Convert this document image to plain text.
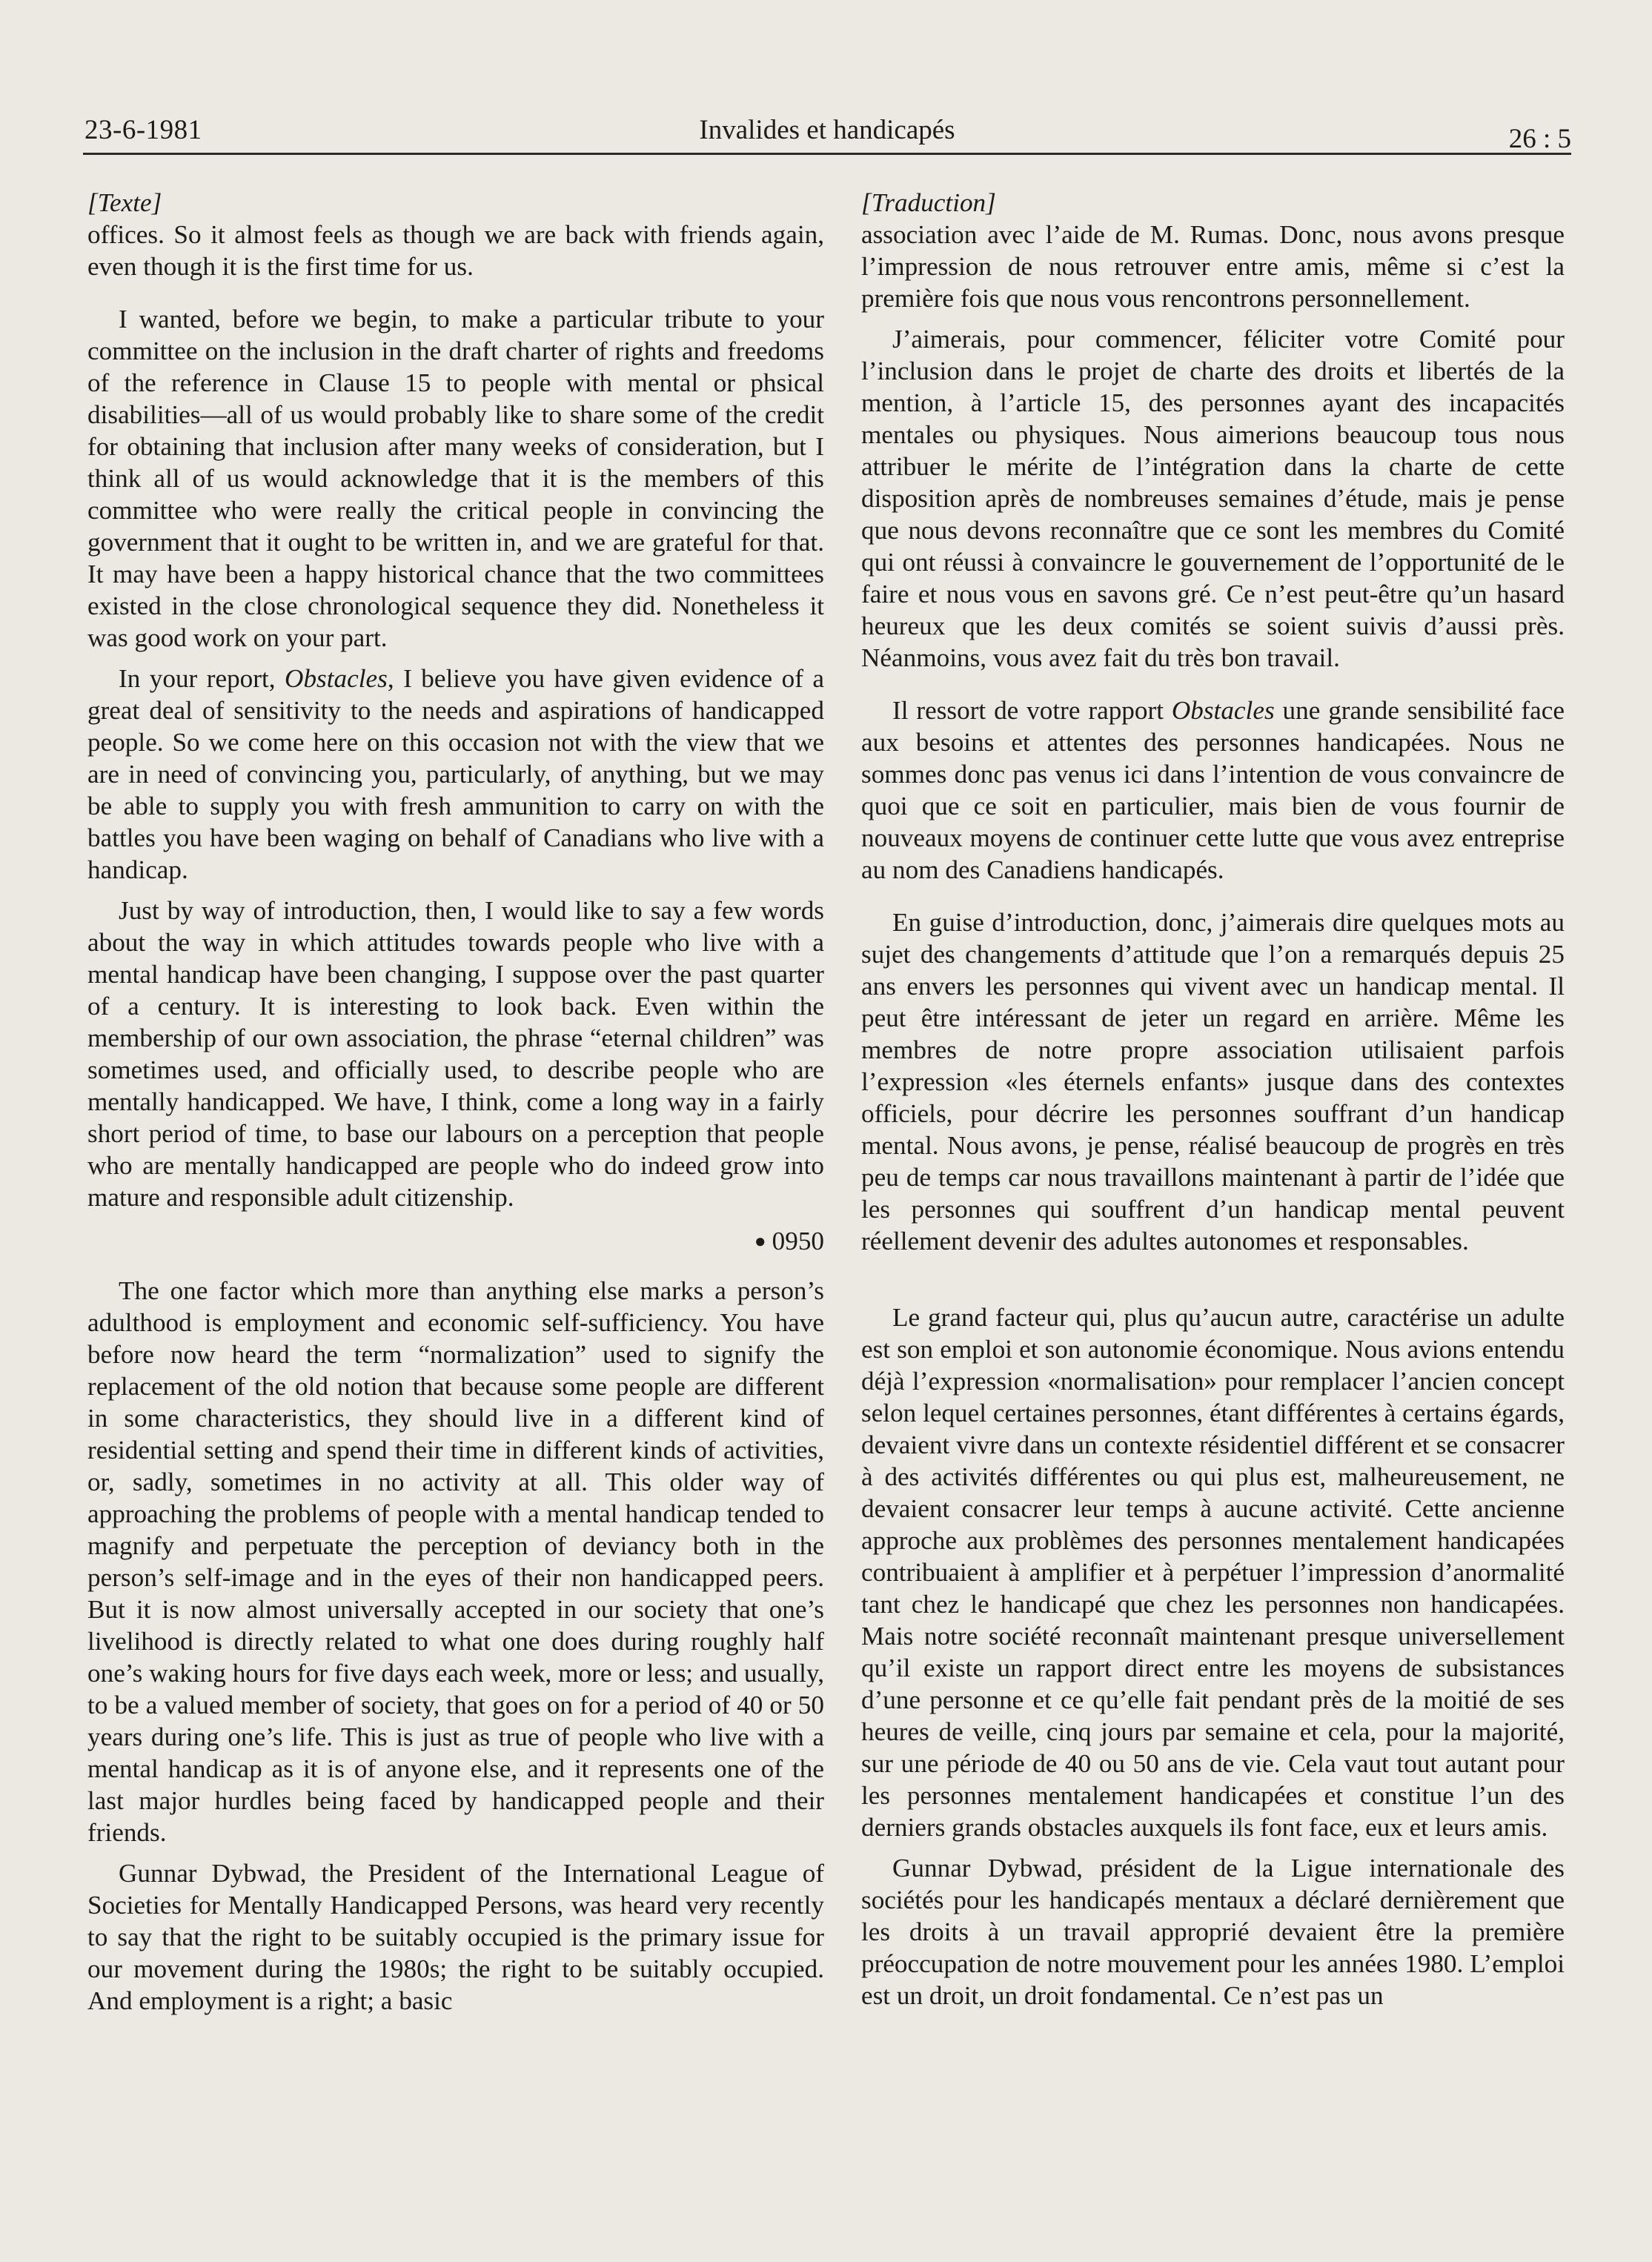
23-6-1981	Invalides et handicapés	26 : 5

[Texte]

offices. So it almost feels as though we are back with friends again, even though it is the first time for us.

I wanted, before we begin, to make a particular tribute to your committee on the inclusion in the draft charter of rights and freedoms of the reference in Clause 15 to people with mental or phsical disabilities—all of us would probably like to share some of the credit for obtaining that inclusion after many weeks of consideration, but I think all of us would acknowledge that it is the members of this committee who were really the critical people in convincing the government that it ought to be written in, and we are grateful for that. It may have been a happy historical chance that the two committees existed in the close chronological sequence they did. Nonetheless it was good work on your part.

In your report, Obstacles, I believe you have given evidence of a great deal of sensitivity to the needs and aspirations of handicapped people. So we come here on this occasion not with the view that we are in need of convincing you, particularly, of anything, but we may be able to supply you with fresh ammunition to carry on with the battles you have been waging on behalf of Canadians who live with a handicap.

Just by way of introduction, then, I would like to say a few words about the way in which attitudes towards people who live with a mental handicap have been changing, I suppose over the past quarter of a century. It is interesting to look back. Even within the membership of our own association, the phrase “eternal children” was sometimes used, and officially used, to describe people who are mentally handicapped. We have, I think, come a long way in a fairly short period of time, to base our labours on a perception that people who are mentally handicapped are people who do indeed grow into mature and responsible adult citizenship.

● 0950

The one factor which more than anything else marks a person’s adulthood is employment and economic self-sufficiency. You have before now heard the term “normalization” used to signify the replacement of the old notion that because some people are different in some characteristics, they should live in a different kind of residential setting and spend their time in different kinds of activities, or, sadly, sometimes in no activity at all. This older way of approaching the problems of people with a mental handicap tended to magnify and perpetuate the perception of deviancy both in the person’s self-image and in the eyes of their non handicapped peers. But it is now almost universally accepted in our society that one’s livelihood is directly related to what one does during roughly half one’s waking hours for five days each week, more or less; and usually, to be a valued member of society, that goes on for a period of 40 or 50 years during one’s life. This is just as true of people who live with a mental handicap as it is of anyone else, and it represents one of the last major hurdles being faced by handicapped people and their friends.

Gunnar Dybwad, the President of the International League of Societies for Mentally Handicapped Persons, was heard very recently to say that the right to be suitably occupied is the primary issue for our movement during the 1980s; the right to be suitably occupied. And employment is a right; a basic

[Traduction]

association avec l’aide de M. Rumas. Donc, nous avons presque l’impression de nous retrouver entre amis, même si c’est la première fois que nous vous rencontrons personnellement.

J’aimerais, pour commencer, féliciter votre Comité pour l’inclusion dans le projet de charte des droits et libertés de la mention, à l’article 15, des personnes ayant des incapacités mentales ou physiques. Nous aimerions beaucoup tous nous attribuer le mérite de l’intégration dans la charte de cette disposition après de nombreuses semaines d’étude, mais je pense que nous devons reconnaître que ce sont les membres du Comité qui ont réussi à convaincre le gouvernement de l’opportunité de le faire et nous vous en savons gré. Ce n’est peut-être qu’un hasard heureux que les deux comités se soient suivis d’aussi près. Néanmoins, vous avez fait du très bon travail.

Il ressort de votre rapport Obstacles une grande sensibilité face aux besoins et attentes des personnes handicapées. Nous ne sommes donc pas venus ici dans l’intention de vous convaincre de quoi que ce soit en particulier, mais bien de vous fournir de nouveaux moyens de continuer cette lutte que vous avez entreprise au nom des Canadiens handicapés.

En guise d’introduction, donc, j’aimerais dire quelques mots au sujet des changements d’attitude que l’on a remarqués depuis 25 ans envers les personnes qui vivent avec un handicap mental. Il peut être intéressant de jeter un regard en arrière. Même les membres de notre propre association utilisaient parfois l’expression «les éternels enfants» jusque dans des contextes officiels, pour décrire les personnes souffrant d’un handicap mental. Nous avons, je pense, réalisé beaucoup de progrès en très peu de temps car nous travaillons maintenant à partir de l’idée que les personnes qui souffrent d’un handicap mental peuvent réellement devenir des adultes autonomes et responsables.

Le grand facteur qui, plus qu’aucun autre, caractérise un adulte est son emploi et son autonomie économique. Nous avions entendu déjà l’expression «normalisation» pour remplacer l’ancien concept selon lequel certaines personnes, étant différentes à certains égards, devaient vivre dans un contexte résidentiel différent et se consacrer à des activités différentes ou qui plus est, malheureusement, ne devaient consacrer leur temps à aucune activité. Cette ancienne approche aux problèmes des personnes mentalement handicapées contribuaient à amplifier et à perpétuer l’impression d’anormalité tant chez le handicapé que chez les personnes non handicapées. Mais notre société reconnaît maintenant presque universellement qu’il existe un rapport direct entre les moyens de subsistances d’une personne et ce qu’elle fait pendant près de la moitié de ses heures de veille, cinq jours par semaine et cela, pour la majorité, sur une période de 40 ou 50 ans de vie. Cela vaut tout autant pour les personnes mentalement handicapées et constitue l’un des derniers grands obstacles auxquels ils font face, eux et leurs amis.

Gunnar Dybwad, président de la Ligue internationale des sociétés pour les handicapés mentaux a déclaré dernièrement que les droits à un travail approprié devaient être la première préoccupation de notre mouvement pour les années 1980. L’emploi est un droit, un droit fondamental. Ce n’est pas un
